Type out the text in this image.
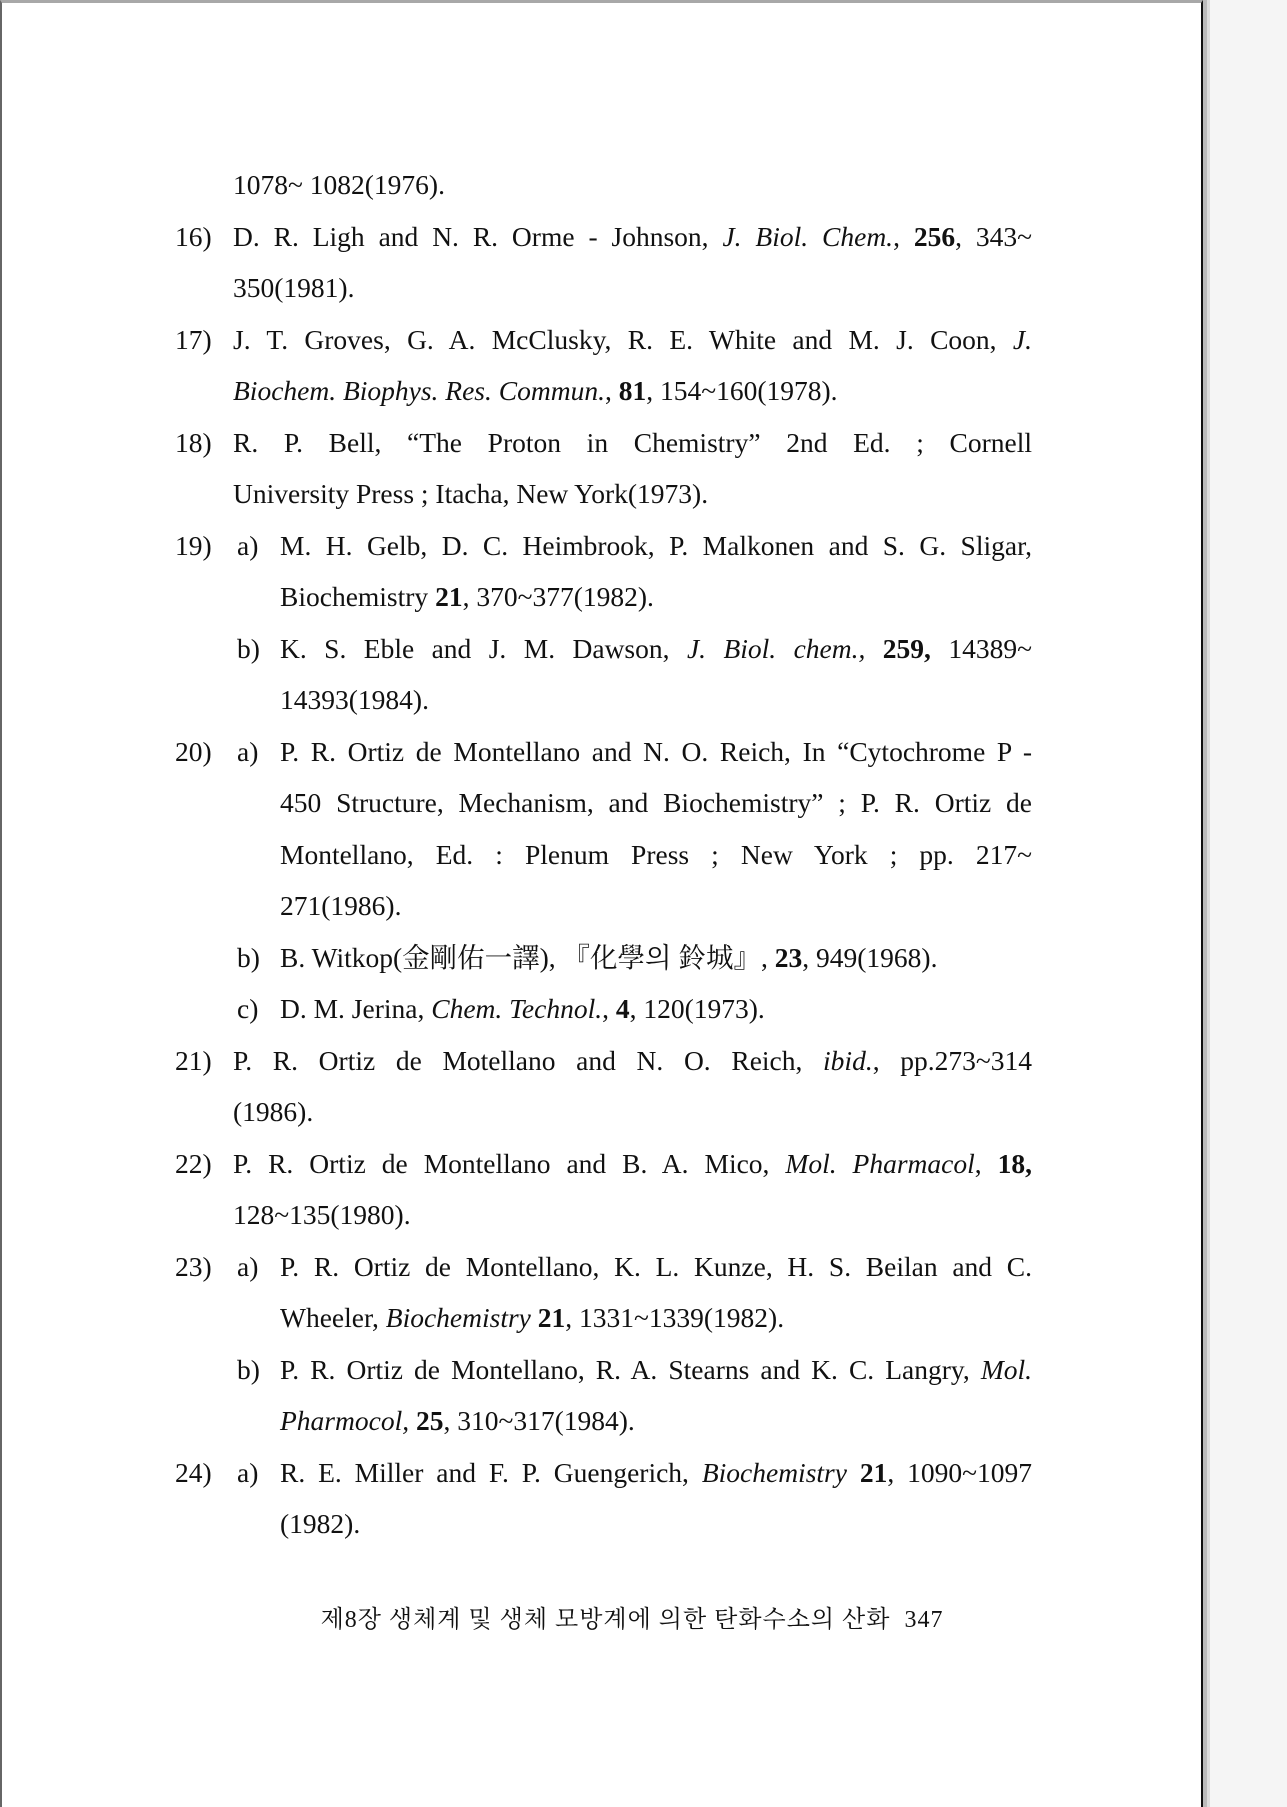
1078~ 1082(1976).
16) D. R. Ligh and N. R. Orme - Johnson, J. Biol. Chem., 256, 343~
350(1981).
17) J. T. Groves, G. A. McClusky, R. E. White and M. J. Coon, J.
Biochem. Biophys. Res. Commun., 81, 154~160(1978).
18) R. P. Bell, “The Proton in Chemistry” 2nd Ed. ; Cornell
University Press ; Itacha, New York(1973).
19) a) M. H. Gelb, D. C. Heimbrook, P. Malkonen and S. G. Sligar,
Biochemistry 21, 370~377(1982).
b) K. S. Eble and J. M. Dawson, J. Biol. chem., 259, 14389~
14393(1984).
20) a) P. R. Ortiz de Montellano and N. O. Reich, In “Cytochrome P -
450 Structure, Mechanism, and Biochemistry” ; P. R. Ortiz de
Montellano, Ed. : Plenum Press ; New York ; pp. 217~
271(1986).
b) B. Witkop(金剛佑一譯), 『化學의 鈴城』, 23, 949(1968).
c) D. M. Jerina, Chem. Technol., 4, 120(1973).
21) P. R. Ortiz de Motellano and N. O. Reich, ibid., pp.273~314
(1986).
22) P. R. Ortiz de Montellano and B. A. Mico, Mol. Pharmacol, 18,
128~135(1980).
23) a) P. R. Ortiz de Montellano, K. L. Kunze, H. S. Beilan and C.
Wheeler, Biochemistry 21, 1331~1339(1982).
b) P. R. Ortiz de Montellano, R. A. Stearns and K. C. Langry, Mol.
Pharmocol, 25, 310~317(1984).
24) a) R. E. Miller and F. P. Guengerich, Biochemistry 21, 1090~1097
(1982).
제8장 생체계 및 생체 모방계에 의한 탄화수소의 산화 347
